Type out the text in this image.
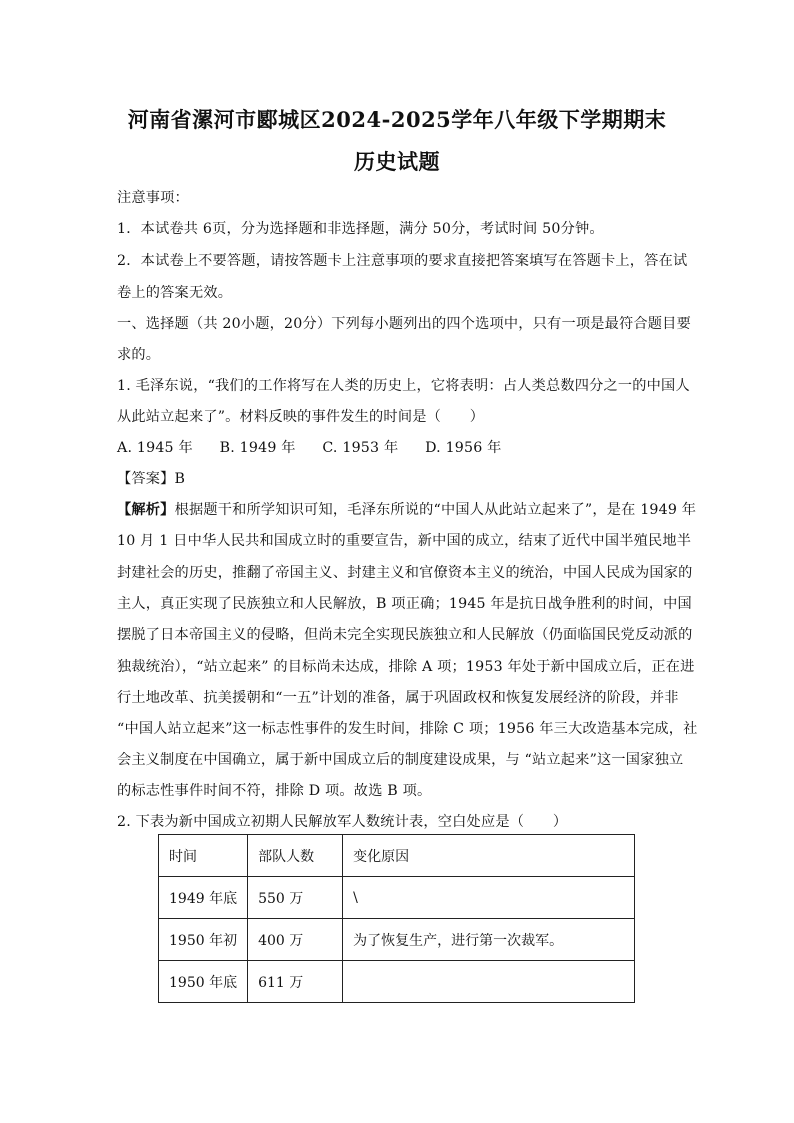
河南省漯河市郾城区2024-2025学年八年级下学期期末
历史试题
注意事项：
1．本试卷共 6页，分为选择题和非选择题，满分 50分，考试时间 50分钟。
2．本试卷上不要答题，请按答题卡上注意事项的要求直接把答案填写在答题卡上，答在试
卷上的答案无效。
一、选择题（共 20小题，20分）下列每小题列出的四个选项中，只有一项是最符合题目要
求的。
1. 毛泽东说，“我们的工作将写在人类的历史上，它将表明：占人类总数四分之一的中国人
从此站立起来了”。材料反映的事件发生的时间是（　　）
A. 1945 年 B. 1949 年 C. 1953 年 D. 1956 年
【答案】B
【解析】根据题干和所学知识可知，毛泽东所说的“中国人从此站立起来了”，是在 1949 年
10 月 1 日中华人民共和国成立时的重要宣告，新中国的成立，结束了近代中国半殖民地半
封建社会的历史，推翻了帝国主义、封建主义和官僚资本主义的统治，中国人民成为国家的
主人，真正实现了民族独立和人民解放，B 项正确；1945 年是抗日战争胜利的时间，中国
摆脱了日本帝国主义的侵略，但尚未完全实现民族独立和人民解放（仍面临国民党反动派的
独裁统治），“站立起来” 的目标尚未达成，排除 A 项；1953 年处于新中国成立后，正在进
行土地改革、抗美援朝和“一五”计划的准备，属于巩固政权和恢复发展经济的阶段，并非
“中国人站立起来”这一标志性事件的发生时间，排除 C 项；1956 年三大改造基本完成，社
会主义制度在中国确立，属于新中国成立后的制度建设成果，与 “站立起来”这一国家独立
的标志性事件时间不符，排除 D 项。故选 B 项。
2. 下表为新中国成立初期人民解放军人数统计表，空白处应是（　　）
时间	部队人数	变化原因
1949 年底	550 万	\
1950 年初	400 万	为了恢复生产，进行第一次裁军。
1950 年底	611 万	
